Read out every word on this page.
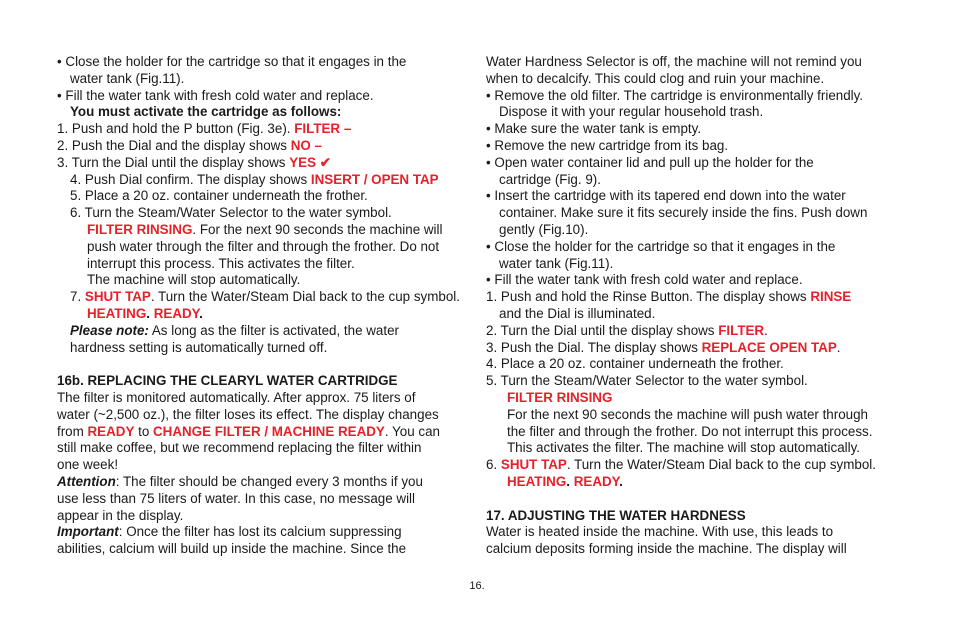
• Close the holder for the cartridge so that it engages in the
water tank (Fig.11).
• Fill the water tank with fresh cold water and replace.
You must activate the cartridge as follows:
1. Push and hold the P button (Fig. 3e). FILTER –
2. Push the Dial and the display shows NO –
3. Turn the Dial until the display shows YES ✔
4. Push Dial confirm. The display shows INSERT / OPEN TAP
5. Place a 20 oz. container underneath the frother.
6. Turn the Steam/Water Selector to the water symbol.
FILTER RINSING. For the next 90 seconds the machine will
push water through the filter and through the frother. Do not
interrupt this process. This activates the filter.
The machine will stop automatically.
7. SHUT TAP. Turn the Water/Steam Dial back to the cup symbol.
HEATING. READY.
Please note: As long as the filter is activated, the water
hardness setting is automatically turned off.
16b. REPLACING THE CLEARYL WATER CARTRIDGE
The filter is monitored automatically. After approx. 75 liters of
water (~2,500 oz.), the filter loses its effect. The display changes
from READY to CHANGE FILTER / MACHINE READY. You can
still make coffee, but we recommend replacing the filter within
one week!
Attention: The filter should be changed every 3 months if you
use less than 75 liters of water. In this case, no message will
appear in the display.
Important: Once the filter has lost its calcium suppressing
abilities, calcium will build up inside the machine. Since the
Water Hardness Selector is off, the machine will not remind you
when to decalcify. This could clog and ruin your machine.
• Remove the old filter. The cartridge is environmentally friendly.
Dispose it with your regular household trash.
• Make sure the water tank is empty.
• Remove the new cartridge from its bag.
• Open water container lid and pull up the holder for the
cartridge (Fig. 9).
• Insert the cartridge with its tapered end down into the water
container. Make sure it fits securely inside the fins. Push down
gently (Fig.10).
• Close the holder for the cartridge so that it engages in the
water tank (Fig.11).
• Fill the water tank with fresh cold water and replace.
1. Push and hold the Rinse Button. The display shows RINSE
and the Dial is illuminated.
2. Turn the Dial until the display shows FILTER.
3. Push the Dial. The display shows REPLACE OPEN TAP.
4. Place a 20 oz. container underneath the frother.
5. Turn the Steam/Water Selector to the water symbol.
FILTER RINSING
For the next 90 seconds the machine will push water through
the filter and through the frother. Do not interrupt this process.
This activates the filter. The machine will stop automatically.
6. SHUT TAP. Turn the Water/Steam Dial back to the cup symbol.
HEATING. READY.
17. ADJUSTING THE WATER HARDNESS
Water is heated inside the machine. With use, this leads to
calcium deposits forming inside the machine. The display will
16.
